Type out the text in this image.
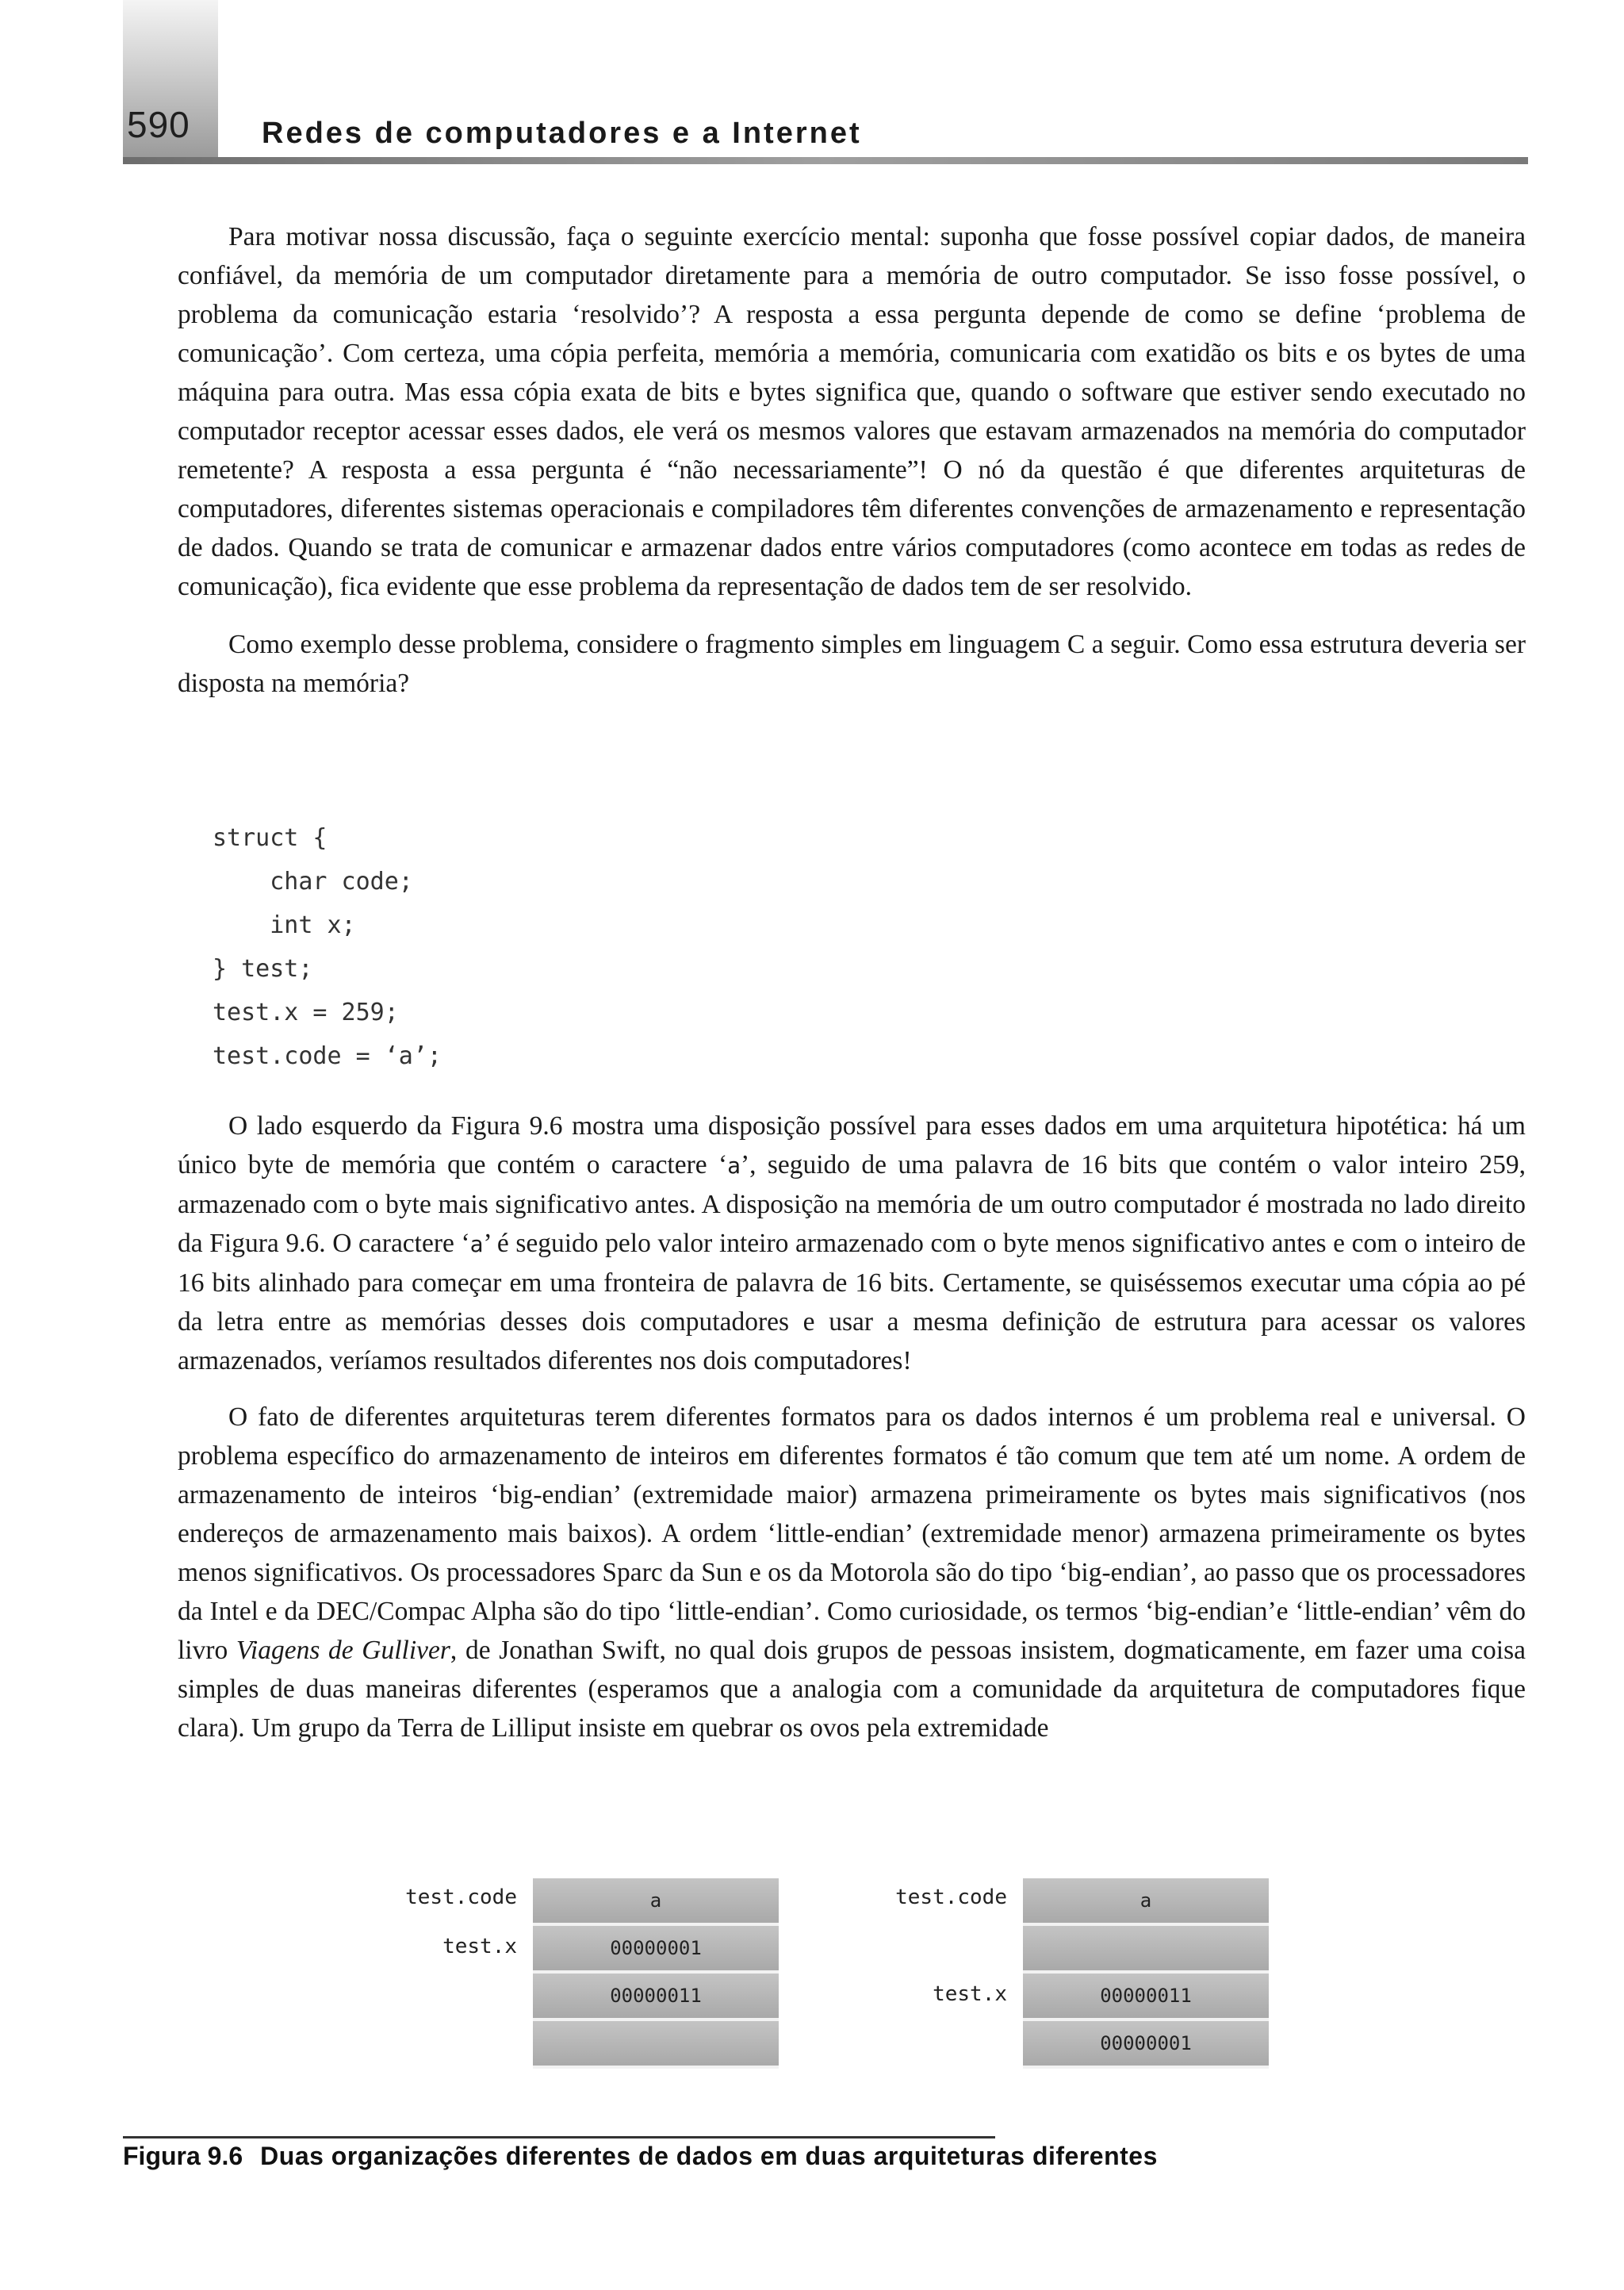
590	Redes de computadores e a Internet

Para motivar nossa discussão, faça o seguinte exercício mental: suponha que fosse possível copiar dados, de maneira confiável, da memória de um computador diretamente para a memória de outro computador. Se isso fosse possível, o problema da comunicação estaria ‘resolvido’? A resposta a essa pergunta depende de como se define ‘problema de comunicação’. Com certeza, uma cópia perfeita, memória a memória, comunicaria com exatidão os bits e os bytes de uma máquina para outra. Mas essa cópia exata de bits e bytes significa que, quando o software que estiver sendo executado no computador receptor acessar esses dados, ele verá os mesmos valores que estavam armazenados na memória do computador remetente? A resposta a essa pergunta é “não necessariamente”! O nó da questão é que diferentes arquiteturas de computadores, diferentes sistemas operacionais e compiladores têm diferentes convenções de armazenamento e representação de dados. Quando se trata de comunicar e armazenar dados entre vários computadores (como acontece em todas as redes de comunicação), fica evidente que esse problema da representação de dados tem de ser resolvido.

Como exemplo desse problema, considere o fragmento simples em linguagem C a seguir. Como essa estrutura deveria ser disposta na memória?

struct {
char code;
int x;
} test;
test.x = 259;
test.code = ‘a’;

O lado esquerdo da Figura 9.6 mostra uma disposição possível para esses dados em uma arquitetura hipotética: há um único byte de memória que contém o caractere ‘a’, seguido de uma palavra de 16 bits que contém o valor inteiro 259, armazenado com o byte mais significativo antes. A disposição na memória de um outro computador é mostrada no lado direito da Figura 9.6. O caractere ‘a’ é seguido pelo valor inteiro armazenado com o byte menos significativo antes e com o inteiro de 16 bits alinhado para começar em uma fronteira de palavra de 16 bits. Certamente, se quiséssemos executar uma cópia ao pé da letra entre as memórias desses dois computadores e usar a mesma definição de estrutura para acessar os valores armazenados, veríamos resultados diferentes nos dois computadores!

O fato de diferentes arquiteturas terem diferentes formatos para os dados internos é um problema real e universal. O problema específico do armazenamento de inteiros em diferentes formatos é tão comum que tem até um nome. A ordem de armazenamento de inteiros ‘big-endian’ (extremidade maior) armazena primeiramente os bytes mais significativos (nos endereços de armazenamento mais baixos). A ordem ‘little-endian’ (extremidade menor) armazena primeiramente os bytes menos significativos. Os processadores Sparc da Sun e os da Motorola são do tipo ‘big-endian’, ao passo que os processadores da Intel e da DEC/Compac Alpha são do tipo ‘little-endian’. Como curiosidade, os termos ‘big-endian’e ‘little-endian’ vêm do livro Viagens de Gulliver, de Jonathan Swift, no qual dois grupos de pessoas insistem, dogmaticamente, em fazer uma coisa simples de duas maneiras diferentes (esperamos que a analogia com a comunidade da arquitetura de computadores fique clara). Um grupo da Terra de Lilliput insiste em quebrar os ovos pela extremidade

test.code
test.x
a
00000001
00000011
test.code
test.x
a
00000011
00000001
Figura 9.6 Duas organizações diferentes de dados em duas arquiteturas diferentes
